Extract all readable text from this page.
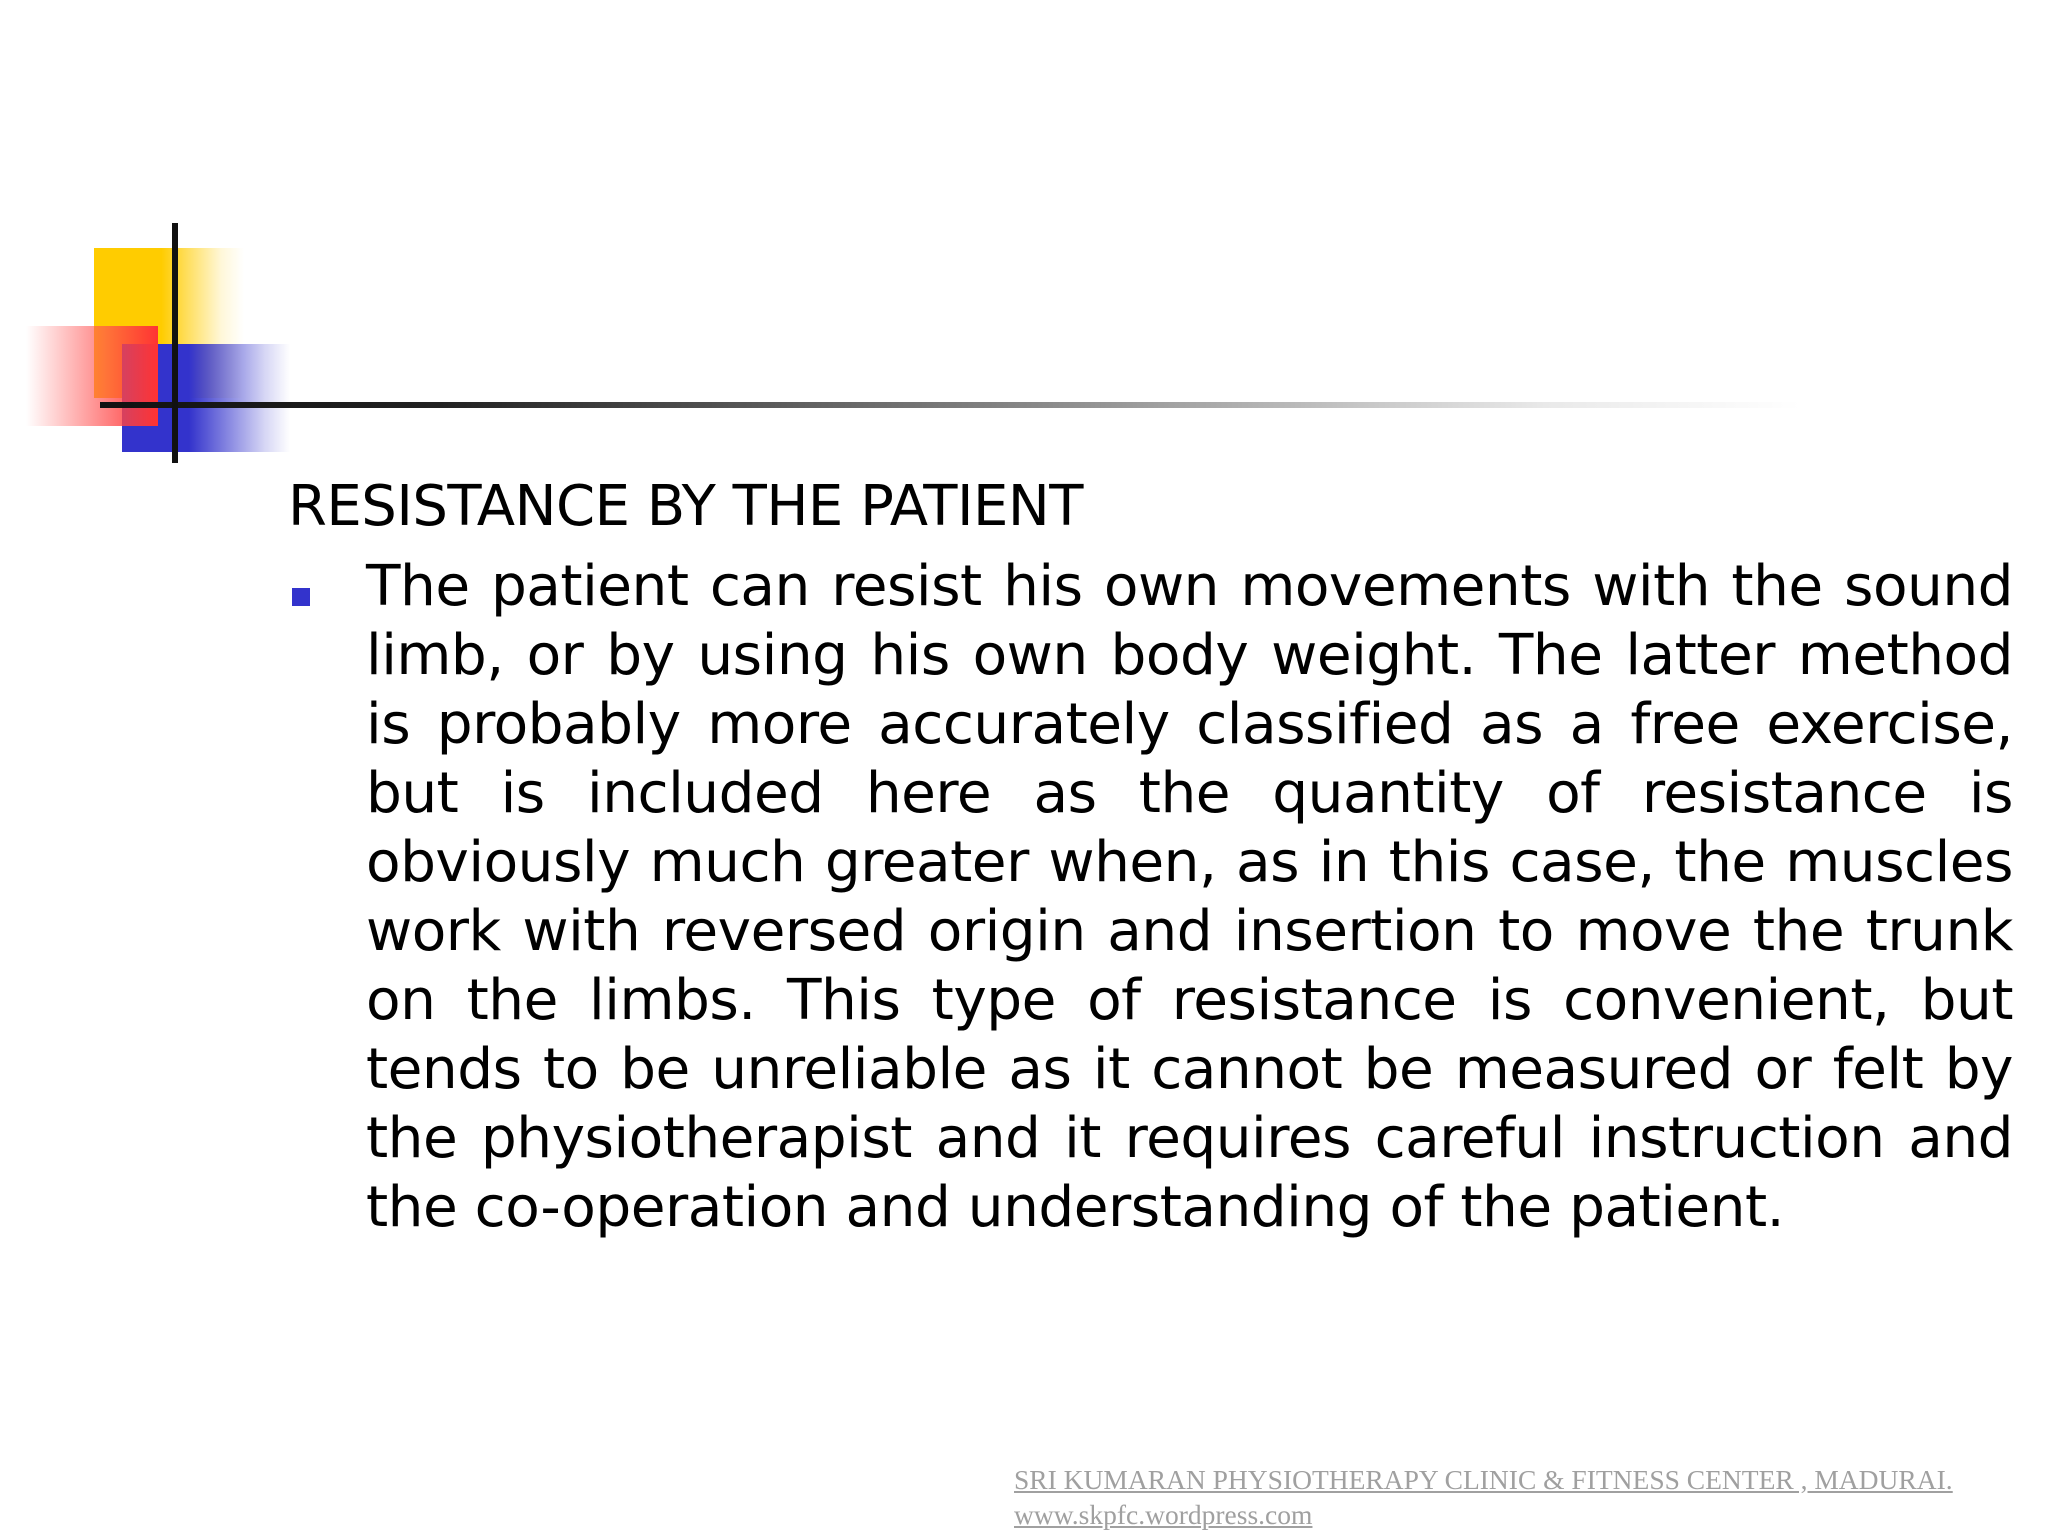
RESISTANCE BY THE PATIENT
The patient can resist his own movements with the sound limb, or by using his own body weight. The latter method is probably more accurately classified as a free exercise, but is included here as the quantity of resistance is obviously much greater when, as in this case, the muscles work with reversed origin and insertion to move the trunk on the limbs. This type of resistance is convenient, but tends to be unreliable as it cannot be measured or felt by the physiotherapist and it requires careful instruction and the co-operation and understanding of the patient.
SRI KUMARAN PHYSIOTHERAPY CLINIC & FITNESS CENTER , MADURAI.
www.skpfc.wordpress.com
